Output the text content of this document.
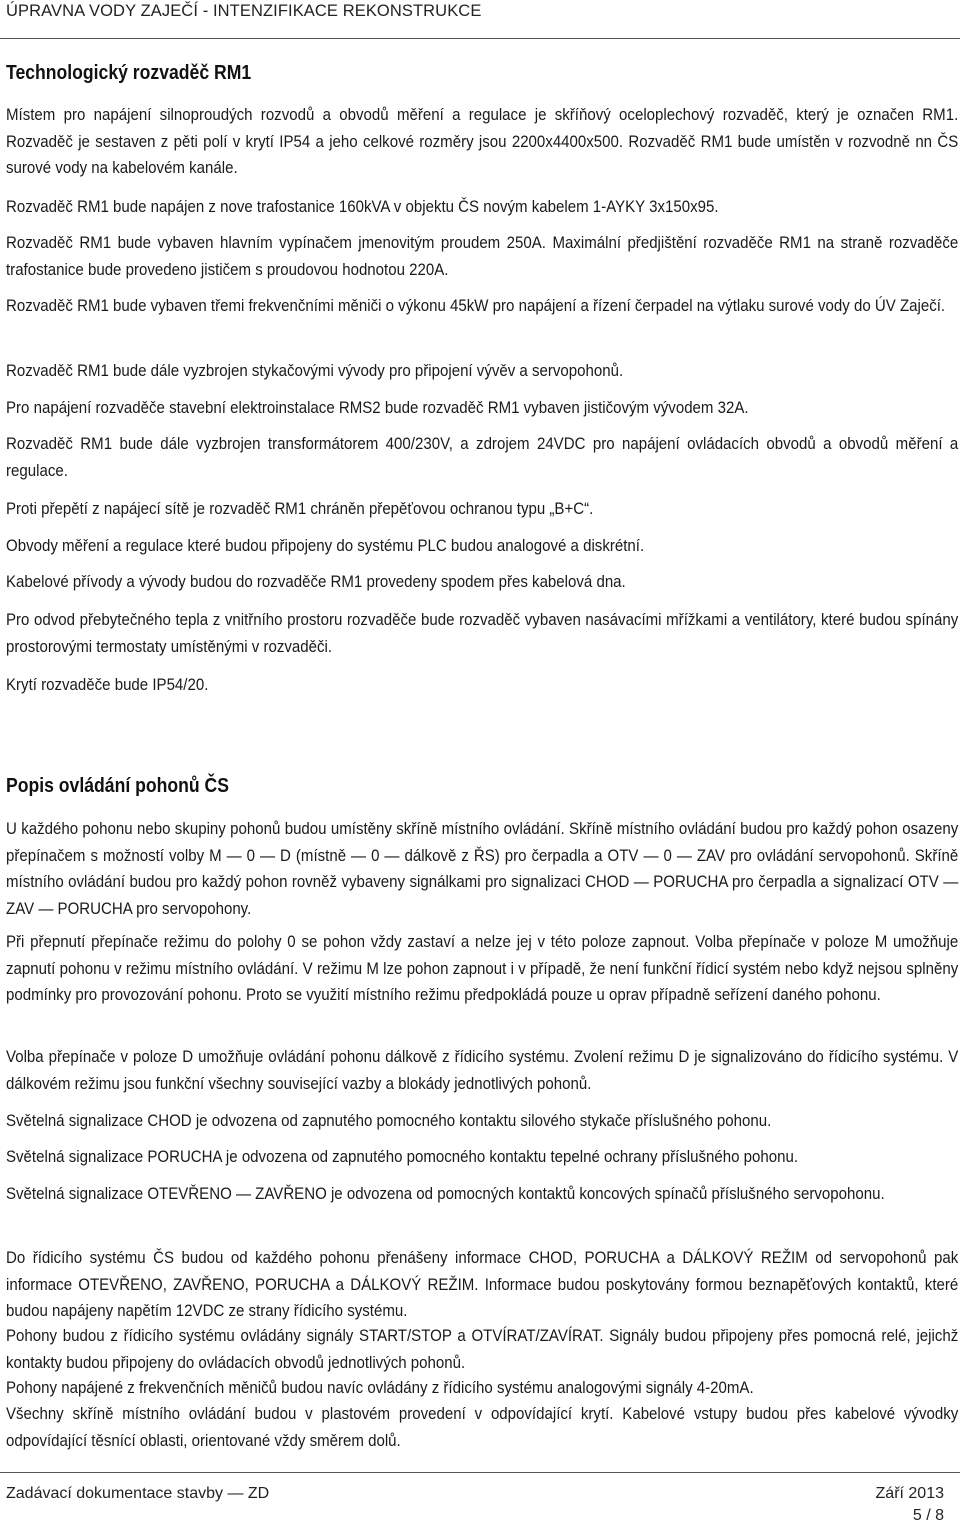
ÚPRAVNA VODY ZAJEČÍ - INTENZIFIKACE REKONSTRUKCE
Technologický rozvaděč RM1
Místem pro napájení silnoproudých rozvodů a obvodů měření a regulace je skříňový oceloplechový rozvaděč, který je označen RM1. Rozvaděč je sestaven z pěti polí v krytí IP54 a jeho celkové rozměry jsou 2200x4400x500. Rozvaděč RM1 bude umístěn v rozvodně nn ČS surové vody na kabelovém kanále.
Rozvaděč RM1 bude napájen z nove trafostanice 160kVA v objektu ČS novým kabelem 1-AYKY 3x150x95.
Rozvaděč RM1 bude vybaven hlavním vypínačem jmenovitým proudem 250A. Maximální předjištění rozvaděče RM1 na straně rozvaděče trafostanice bude provedeno jističem s proudovou hodnotou 220A.
Rozvaděč RM1 bude vybaven třemi frekvenčními měniči o výkonu 45kW pro napájení a řízení čerpadel na výtlaku surové vody do ÚV Zaječí.
Rozvaděč RM1 bude dále vyzbrojen stykačovými vývody pro připojení vývěv a servopohonů.
Pro napájení rozvaděče stavební elektroinstalace RMS2 bude rozvaděč RM1 vybaven jističovým vývodem 32A.
Rozvaděč RM1 bude dále vyzbrojen transformátorem 400/230V, a zdrojem 24VDC pro napájení ovládacích obvodů a obvodů měření a regulace.
Proti přepětí z napájecí sítě je rozvaděč RM1 chráněn přepěťovou ochranou typu „B+C“.
Obvody měření a regulace které budou připojeny do systému PLC budou analogové a diskrétní.
Kabelové přívody a vývody budou do rozvaděče RM1 provedeny spodem přes kabelová dna.
Pro odvod přebytečného tepla z vnitřního prostoru rozvaděče bude rozvaděč vybaven nasávacími mřížkami a ventilátory, které budou spínány prostorovými termostaty umístěnými v rozvaděči.
Krytí rozvaděče bude IP54/20.
Popis ovládání pohonů ČS
U každého pohonu nebo skupiny pohonů budou umístěny skříně místního ovládání. Skříně místního ovládání budou pro každý pohon osazeny přepínačem s možností volby M — 0 — D (místně — 0 — dálkově z ŘS) pro čerpadla a OTV — 0 — ZAV pro ovládání servopohonů. Skříně místního ovládání budou pro každý pohon rovněž vybaveny signálkami pro signalizaci CHOD — PORUCHA pro čerpadla a signalizací OTV — ZAV — PORUCHA pro servopohony.
Při přepnutí přepínače režimu do polohy 0 se pohon vždy zastaví a nelze jej v této poloze zapnout. Volba přepínače v poloze M umožňuje zapnutí pohonu v režimu místního ovládání. V režimu M lze pohon zapnout i v případě, že není funkční řídicí systém nebo když nejsou splněny podmínky pro provozování pohonu. Proto se využití místního režimu předpokládá pouze u oprav případně seřízení daného pohonu.
Volba přepínače v poloze D umožňuje ovládání pohonu dálkově z řídicího systému. Zvolení režimu D je signalizováno do řídicího systému. V dálkovém režimu jsou funkční všechny související vazby a blokády jednotlivých pohonů.
Světelná signalizace CHOD je odvozena od zapnutého pomocného kontaktu silového stykače příslušného pohonu.
Světelná signalizace PORUCHA je odvozena od zapnutého pomocného kontaktu tepelné ochrany příslušného pohonu.
Světelná signalizace OTEVŘENO — ZAVŘENO je odvozena od pomocných kontaktů koncových spínačů příslušného servopohonu.
Do řídicího systému ČS budou od každého pohonu přenášeny informace CHOD, PORUCHA a DÁLKOVÝ REŽIM od servopohonů pak informace OTEVŘENO, ZAVŘENO, PORUCHA a DÁLKOVÝ REŽIM. Informace budou poskytovány formou beznapěťových kontaktů, které budou napájeny napětím 12VDC ze strany řídicího systému.
Pohony budou z řídicího systému ovládány signály START/STOP a OTVÍRAT/ZAVÍRAT. Signály budou připojeny přes pomocná relé, jejichž kontakty budou připojeny do ovládacích obvodů jednotlivých pohonů.
Pohony napájené z frekvenčních měničů budou navíc ovládány z řídicího systému analogovými signály 4-20mA.
Všechny skříně místního ovládání budou v plastovém provedení v odpovídající krytí. Kabelové vstupy budou přes kabelové vývodky odpovídající těsnící oblasti, orientované vždy směrem dolů.
Zadávací dokumentace stavby — ZD	Září 2013
5 / 8
